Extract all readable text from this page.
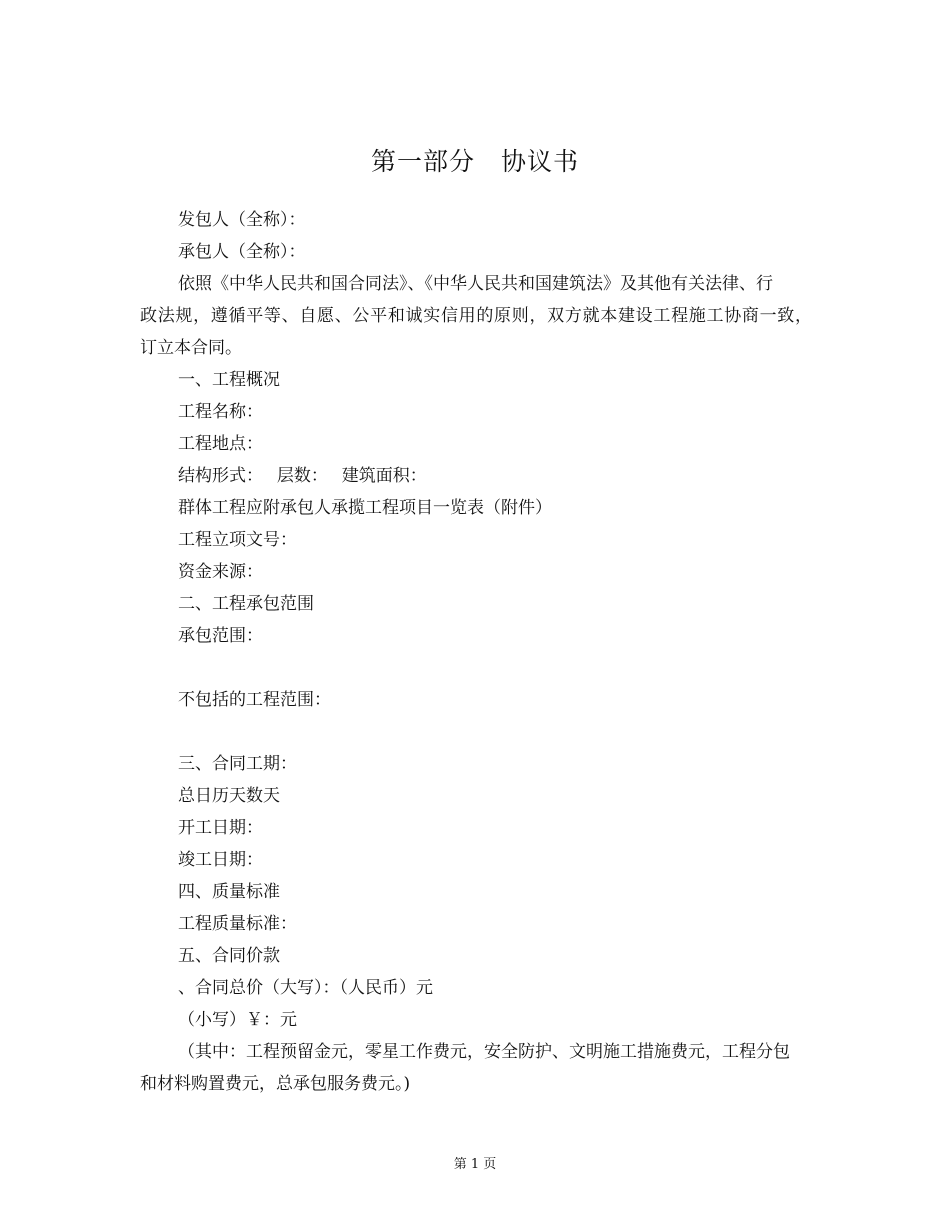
第一部分　协议书
发包人（全称）：
承包人（全称）：
依照《中华人民共和国合同法》、《中华人民共和国建筑法》及其他有关法律、行
政法规，遵循平等、自愿、公平和诚实信用的原则，双方就本建设工程施工协商一致，
订立本合同。
一、工程概况
工程名称：
工程地点：
结构形式：　 层数：　 建筑面积：
群体工程应附承包人承揽工程项目一览表（附件）
工程立项文号：
资金来源：
二、工程承包范围
承包范围：
不包括的工程范围：
三、合同工期：
总日历天数天
开工日期：
竣工日期：
四、质量标准
工程质量标准：
五、合同价款
、合同总价（大写）：（人民币）元
（小写）￥：元
（其中：工程预留金元，零星工作费元，安全防护、文明施工措施费元，工程分包
和材料购置费元，总承包服务费元。)
第 1 页
